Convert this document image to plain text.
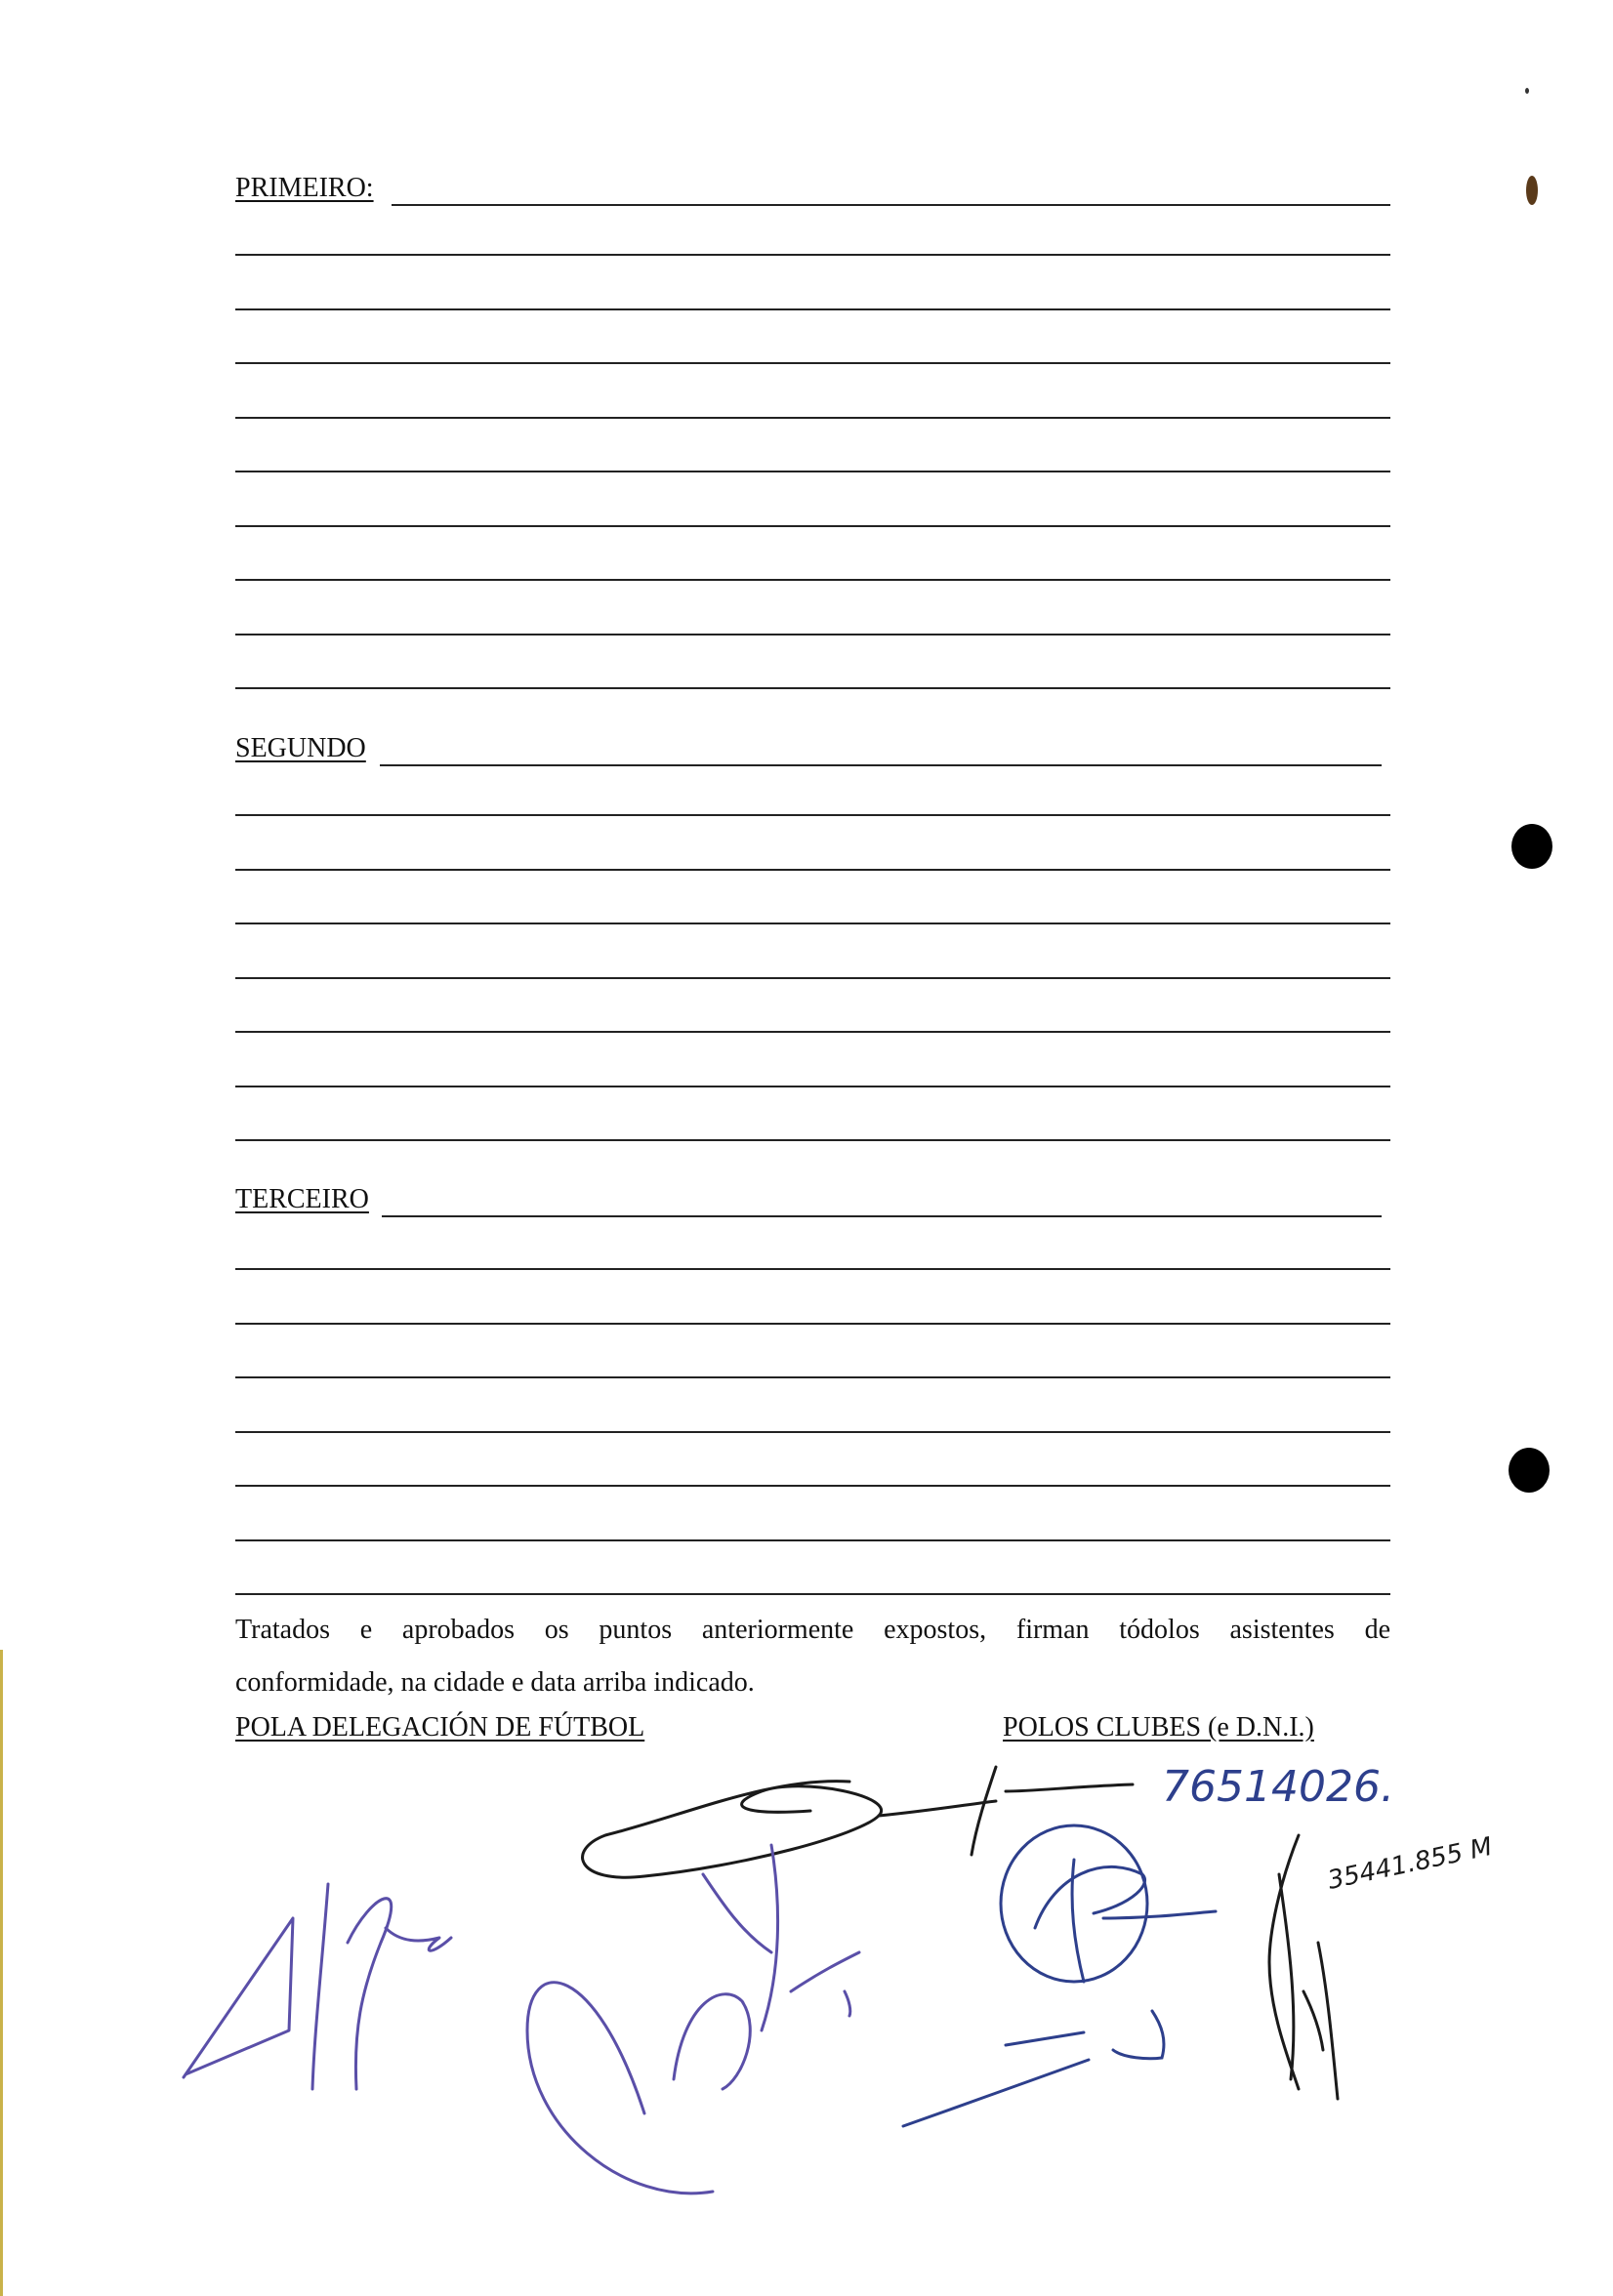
PRIMEIRO:
SEGUNDO
TERCEIRO
Tratados e aprobados os puntos anteriormente expostos, firman tódolos asistentes de
conformidade, na cidade e data arriba indicado.
POLA DELEGACIÓN DE FÚTBOL	POLOS CLUBES (e D.N.I.)
76514026.
35441.855 M
